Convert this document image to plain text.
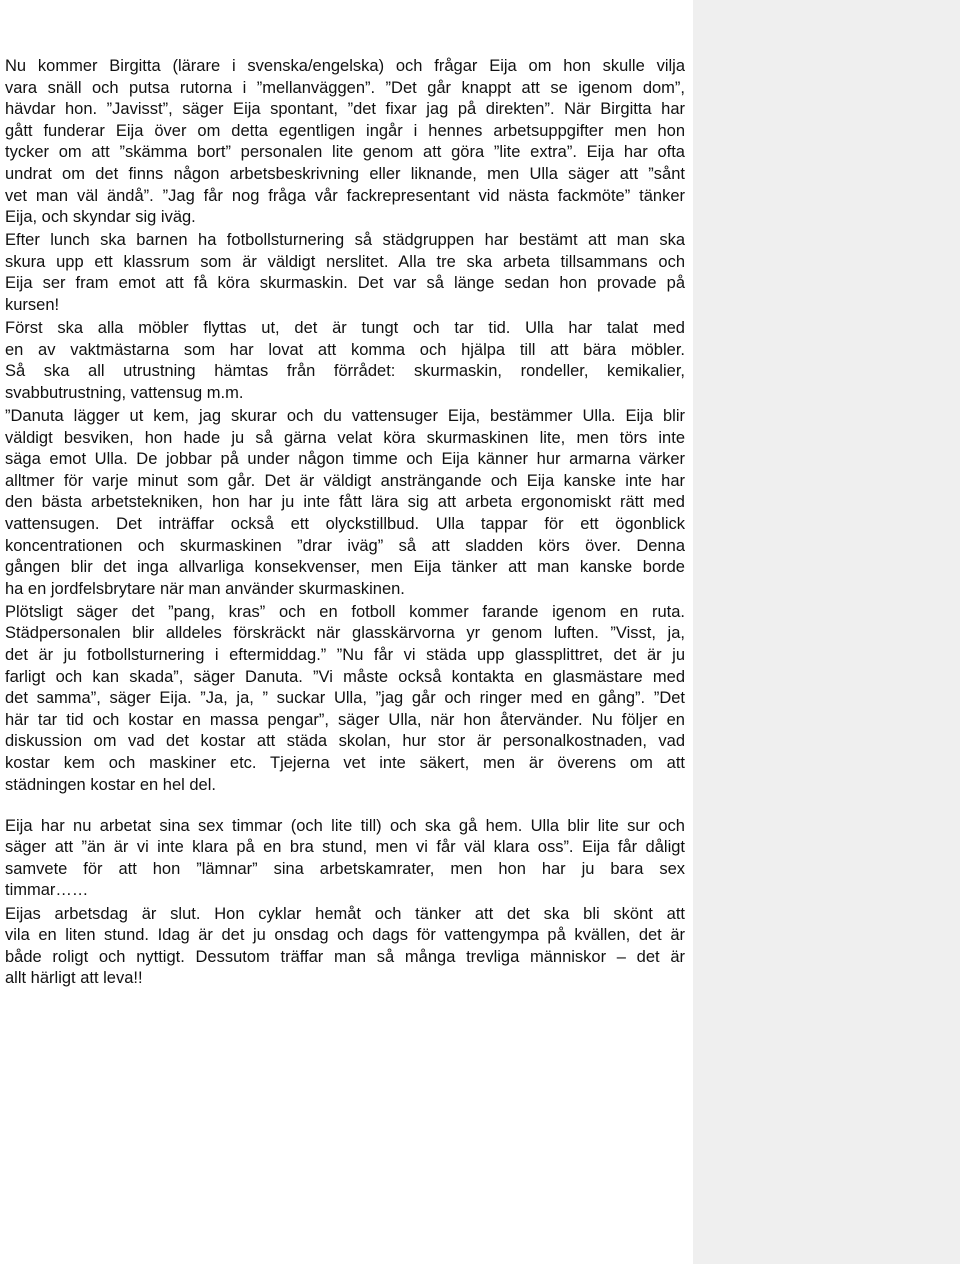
Nu kommer Birgitta (lärare i svenska/engelska) och frågar Eija om hon skulle vilja
vara snäll och putsa rutorna i ”mellanväggen”. ”Det går knappt att se igenom dom”,
hävdar hon. ”Javisst”, säger Eija spontant, ”det fixar jag på direkten”. När Birgitta har
gått funderar Eija över om detta egentligen ingår i hennes arbetsuppgifter men hon
tycker om att ”skämma bort” personalen lite genom att göra ”lite extra”. Eija har ofta
undrat om det finns någon arbetsbeskrivning eller liknande, men Ulla säger att ”sånt
vet man väl ändå”. ”Jag får nog fråga vår fackrepresentant vid nästa fackmöte” tänker
Eija, och skyndar sig iväg.
Efter lunch ska barnen ha fotbollsturnering så städgruppen har bestämt att man ska
skura upp ett klassrum som är väldigt nerslitet. Alla tre ska arbeta tillsammans och
Eija ser fram emot att få köra skurmaskin. Det var så länge sedan hon provade på
kursen!
Först ska alla möbler flyttas ut, det är tungt och tar tid. Ulla har talat med
en av vaktmästarna som har lovat att komma och hjälpa till att bära möbler.
Så ska all utrustning hämtas från förrådet: skurmaskin, rondeller, kemikalier,
svabbutrustning, vattensug m.m.
”Danuta lägger ut kem, jag skurar och du vattensuger Eija, bestämmer Ulla. Eija blir
väldigt besviken, hon hade ju så gärna velat köra skurmaskinen lite, men törs inte
säga emot Ulla. De jobbar på under någon timme och Eija känner hur armarna värker
alltmer för varje minut som går. Det är väldigt ansträngande och Eija kanske inte har
den bästa arbetstekniken, hon har ju inte fått lära sig att arbeta ergonomiskt rätt med
vattensugen. Det inträffar också ett olyckstillbud. Ulla tappar för ett ögonblick
koncentrationen och skurmaskinen ”drar iväg” så att sladden körs över. Denna
gången blir det inga allvarliga konsekvenser, men Eija tänker att man kanske borde
ha en jordfelsbrytare när man använder skurmaskinen.
Plötsligt säger det ”pang, kras” och en fotboll kommer farande igenom en ruta.
Städpersonalen blir alldeles förskräckt när glasskärvorna yr genom luften. ”Visst, ja,
det är ju fotbollsturnering i eftermiddag.” ”Nu får vi städa upp glassplittret, det är ju
farligt och kan skada”, säger Danuta. ”Vi måste också kontakta en glasmästare med
det samma”, säger Eija. ”Ja, ja, ” suckar Ulla, ”jag går och ringer med en gång”. ”Det
här tar tid och kostar en massa pengar”, säger Ulla, när hon återvänder. Nu följer en
diskussion om vad det kostar att städa skolan, hur stor är personalkostnaden, vad
kostar kem och maskiner etc. Tjejerna vet inte säkert, men är överens om att
städningen kostar en hel del.
Eija har nu arbetat sina sex timmar (och lite till) och ska gå hem. Ulla blir lite sur och
säger att ”än är vi inte klara på en bra stund, men vi får väl klara oss”. Eija får dåligt
samvete för att hon ”lämnar” sina arbetskamrater, men hon har ju bara sex
timmar……
Eijas arbetsdag är slut. Hon cyklar hemåt och tänker att det ska bli skönt att
vila en liten stund. Idag är det ju onsdag och dags för vattengympa på kvällen, det är
både roligt och nyttigt. Dessutom träffar man så många trevliga människor – det är
allt härligt att leva!!
